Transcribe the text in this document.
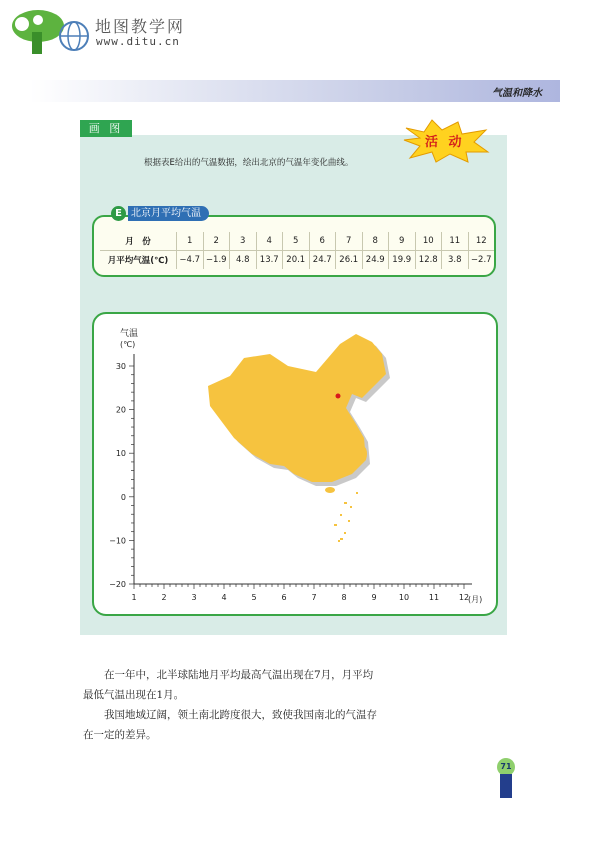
地图教学网
www.ditu.cn
气温和降水
画 图
活 动
根据表E给出的气温数据，绘出北京的气温年变化曲线。
E 北京月平均气温
月　份	1	2	3	4	5	6	7	8	9	10	11	12
月平均气温(℃)	−4.7	−1.9	4.8	13.7	20.1	24.7	26.1	24.9	19.9	12.8	3.8	−2.7
30
20
10
0
−10
−20
1	2	3	4	5	6	7	8	9	10 11 12
气温
(℃)
(月)

在一年中，北半球陆地月平均最高气温出现在7月，月平均最低气温出现在1月。

我国地域辽阔，领土南北跨度很大，致使我国南北的气温存在一定的差异。

71
